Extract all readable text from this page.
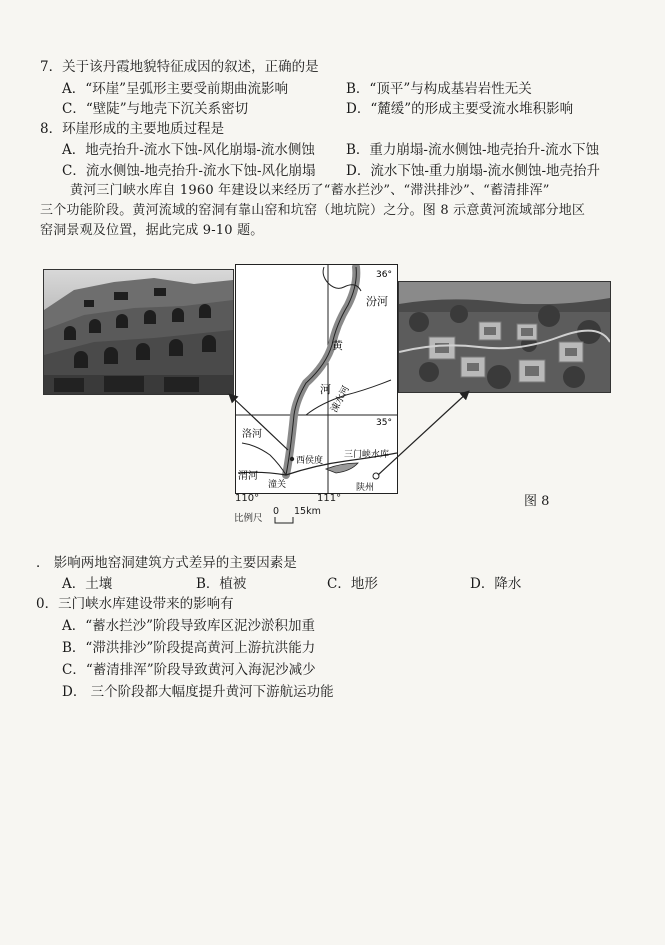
7．关于该丹霞地貌特征成因的叙述，正确的是
A．“环崖”呈弧形主要受前期曲流影响	B．“顶平”与构成基岩岩性无关
C．“壁陡”与地壳下沉关系密切	D．“麓缓”的形成主要受流水堆积影响
8．环崖形成的主要地质过程是
A．地壳抬升-流水下蚀-风化崩塌-流水侧蚀 B．重力崩塌-流水侧蚀-地壳抬升-流水下蚀
C．流水侧蚀-地壳抬升-流水下蚀-风化崩塌 D．流水下蚀-重力崩塌-流水侧蚀-地壳抬升
黄河三门峡水库自 1960 年建设以来经历了“蓄水拦沙”、“滞洪排沙”、“蓄清排浑”
三个功能阶段。黄河流域的窑洞有靠山窑和坑窑（地坑院）之分。图 8 示意黄河流域部分地区
窑洞景观及位置，据此完成 9-10 题。
36°
35°
汾河
黄
河
涑水河
洛河
渭河
西侯度
三门峡水库
潼关	陕州
110°	111°
比例尺
0 15km
图 8
． 影响两地窑洞建筑方式差异的主要因素是
A．土壤	B．植被	C．地形	D．降水
0．三门峡水库建设带来的影响有
A．“蓄水拦沙”阶段导致库区泥沙淤积加重
B．“滞洪排沙”阶段提高黄河上游抗洪能力
C．“蓄清排浑”阶段导致黄河入海泥沙减少
D． 三个阶段都大幅度提升黄河下游航运功能
